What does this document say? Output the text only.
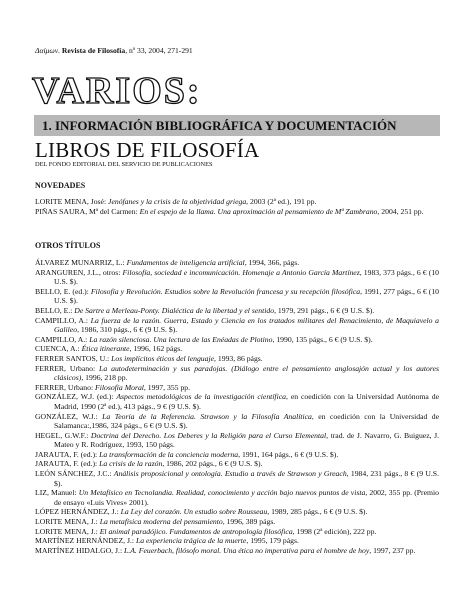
Δαίμων. Revista de Filosofía, nº 33, 2004, 271-291
VARIOS:
1. INFORMACIÓN BIBLIOGRÁFICA Y DOCUMENTACIÓN
LIBROS DE FILOSOFÍA
DEL FONDO EDITORIAL DEL SERVICIO DE PUBLICACIONES
NOVEDADES
LORITE MENA, José: Jenófanes y la crisis de la objetividad griega, 2003 (2ª ed.), 191 pp.
PIÑAS SAURA, Mª del Carmen: En el espejo de la llama. Una aproximación al pensamiento de Mª Zambrano, 2004, 251 pp.
OTROS TÍTULOS
ÁLVAREZ MUNARRIZ, L.: Fundamentos de inteligencia artificial, 1994, 366, págs.
ARANGUREN, J.L., otros: Filosofía, sociedad e incomunicación. Homenaje a Antonio García Martínez, 1983, 373 págs., 6 € (10 U.S. $).
BELLO, E. (ed.): Filosofía y Revolución. Estudios sobre la Revolución francesa y su recepción filosófica, 1991, 277 págs., 6 € (10 U.S. $).
BELLO, E.: De Sartre a Merleau-Ponty. Dialéctica de la libertad y el sentido, 1979, 291 págs., 6 € (9 U.S. $).
CAMPILLO, A.: La fuerza de la razón. Guerra, Estado y Ciencia en los tratados militares del Renacimiento, de Maquiavelo a Galileo, 1986, 310 págs., 6 € (9 U.S. $).
CAMPILLO, A.: La razón silenciosa. Una lectura de las Enéadas de Plotino, 1990, 135 págs., 6 € (9 U.S. $).
CUENCA, A.: Ética itinerante, 1996, 162 págs.
FERRER SANTOS, U.: Los implícitos éticos del lenguaje, 1993, 86 págs.
FERRER, Urbano: La autodeterminación y sus paradojas. (Diálogo entre el pensamiento anglosajón actual y los autores clásicos), 1996, 218 pp.
FERRER, Urbano: Filosofía Moral, 1997, 355 pp.
GONZÁLEZ, W.J. (ed.): Aspectos metodológicos de la investigación científica, en coedición con la Universidad Autónoma de Madrid, 1990 (2ª ed.), 413 págs., 9 € (9 U.S. $).
GONZÁLEZ, W.J.: La Teoría de la Referencia. Strawson y la Filosofía Analítica, en coedición con la Universidad de Salamanca:,1986, 324 págs., 6 € (9 U.S. $).
HEGEL, G.W.F.: Doctrina del Derecho. Los Deberes y la Religión para el Curso Elemental, trad. de J. Navarro, G. Buiguez, J. Mateo y R. Rodríguez, 1993, 150 págs.
JARAUTA, F. (ed.): La transformación de la conciencia moderna, 1991, 164 págs., 6 € (9 U.S. $).
JARAUTA, F. (ed.): La crisis de la razón, 1986, 202 págs., 6 € (9 U.S. $).
LEÓN SÁNCHEZ, J.C.: Análisis proposicional y ontología. Estudio a través de Strawson y Greach, 1984, 231 págs., 8 € (9 U.S. $).
LIZ, Manuel: Un Metafísico en Tecnolandia. Realidad, conocimiento y acción bajo nuevos puntos de vista, 2002, 355 pp. (Premio de ensayo «Luis Vives» 2001).
LÓPEZ HERNÁNDEZ, J.: La Ley del corazón. Un estudio sobre Rousseau, 1989, 285 págs., 6 € (9 U.S. $).
LORITE MENA, J.: La metafísica moderna del pensamiento, 1996, 389 págs.
LORITE MENA, J.: El animal paradójico. Fundamentos de antropología filosófica, 1998 (2ª edición), 222 pp.
MARTÍNEZ HERNÁNDEZ, J.: La experiencia trágica de la muerte, 1995, 179 págs.
MARTÍNEZ HIDALGO, J.: L.A. Feuerbach, filósofo moral. Una ética no imperativa para el hombre de hoy, 1997, 237 pp.
